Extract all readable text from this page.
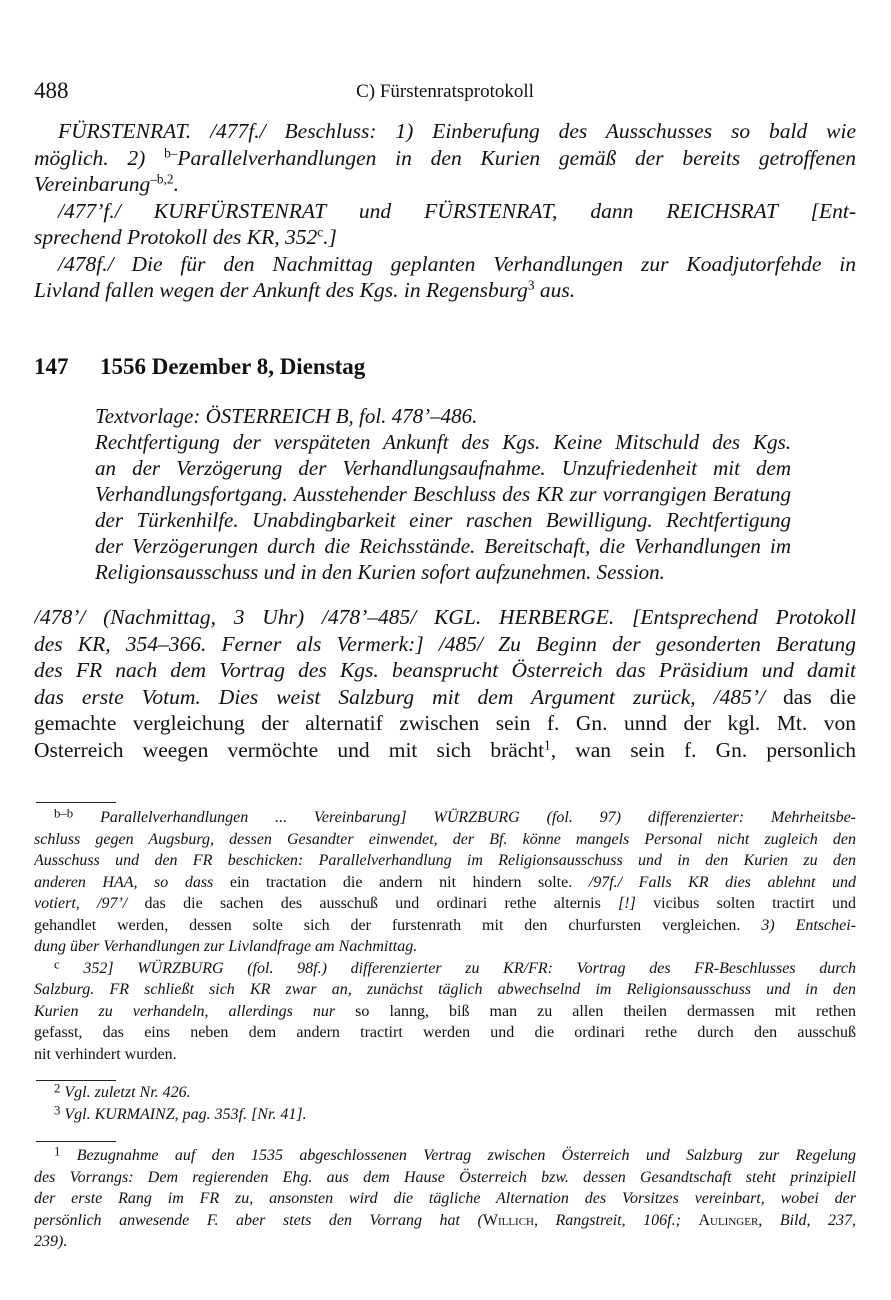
488	C) Fürstenratsprotokoll
FÜRSTENRAT. /477f./ Beschluss: 1) Einberufung des Ausschusses so bald wie
möglich. 2) $^{b-}$Parallelverhandlungen in den Kurien gemäß der bereits getroffenen
Vereinbarung$^{-b,2}$.
/477’f./ KURFÜRSTENRAT und FÜRSTENRAT, dann REICHSRAT [Ent-
sprechend Protokoll des KR, 352$^c$.]
/478f./ Die für den Nachmittag geplanten Verhandlungen zur Koadjutorfehde in
Livland fallen wegen der Ankunft des Kgs. in Regensburg$^3$ aus.
147 1556 Dezember 8, Dienstag
Textvorlage: ÖSTERREICH B, fol. 478’–486.
Rechtfertigung der verspäteten Ankunft des Kgs. Keine Mitschuld des Kgs.
an der Verzögerung der Verhandlungsaufnahme. Unzufriedenheit mit dem
Verhandlungsfortgang. Ausstehender Beschluss des KR zur vorrangigen Beratung
der Türkenhilfe. Unabdingbarkeit einer raschen Bewilligung. Rechtfertigung
der Verzögerungen durch die Reichsstände. Bereitschaft, die Verhandlungen im
Religionsausschuss und in den Kurien sofort aufzunehmen. Session.
/478’/ (Nachmittag, 3 Uhr) /478’–485/ KGL. HERBERGE. [Entsprechend Protokoll
des KR, 354–366. Ferner als Vermerk:] /485/ Zu Beginn der gesonderten Beratung
des FR nach dem Vortrag des Kgs. beansprucht Österreich das Präsidium und damit
das erste Votum. Dies weist Salzburg mit dem Argument zurück, /485’/ das die
gemachte vergleichung der alternatif zwischen sein f. Gn. unnd der kgl. Mt. von
Osterreich weegen vermöchte und mit sich brächt$^1$, wan sein f. Gn. personlich
$^{b-b}$ Parallelverhandlungen ... Vereinbarung] WÜRZBURG (fol. 97) differenzierter: Mehrheitsbe-
schluss gegen Augsburg, dessen Gesandter einwendet, der Bf. könne mangels Personal nicht zugleich den
Ausschuss und den FR beschicken: Parallelverhandlung im Religionsausschuss und in den Kurien zu den
anderen HAA, so dass ein tractation die andern nit hindern solte. /97f./ Falls KR dies ablehnt und
votiert, /97’/ das die sachen des ausschuß und ordinari rethe alternis [!] vicibus solten tractirt und
gehandlet werden, dessen solte sich der furstenrath mit den churfursten vergleichen. 3) Entschei-
dung über Verhandlungen zur Livlandfrage am Nachmittag.
$^c$ 352] WÜRZBURG (fol. 98f.) differenzierter zu KR/FR: Vortrag des FR-Beschlusses durch
Salzburg. FR schließt sich KR zwar an, zunächst täglich abwechselnd im Religionsausschuss und in den
Kurien zu verhandeln, allerdings nur so lanng, biß man zu allen theilen dermassen mit rethen
gefasst, das eins neben dem andern tractirt werden und die ordinari rethe durch den ausschuß
nit verhindert wurden.
$^2$ Vgl. zuletzt Nr. 426.
$^3$ Vgl. KURMAINZ, pag. 353f. [Nr. 41].
$^1$ Bezugnahme auf den 1535 abgeschlossenen Vertrag zwischen Österreich und Salzburg zur Regelung
des Vorrangs: Dem regierenden Ehg. aus dem Hause Österreich bzw. dessen Gesandtschaft steht prinzipiell
der erste Rang im FR zu, ansonsten wird die tägliche Alternation des Vorsitzes vereinbart, wobei der
persönlich anwesende F. aber stets den Vorrang hat (Willich, Rangstreit, 106f.; Aulinger, Bild, 237,
239).
